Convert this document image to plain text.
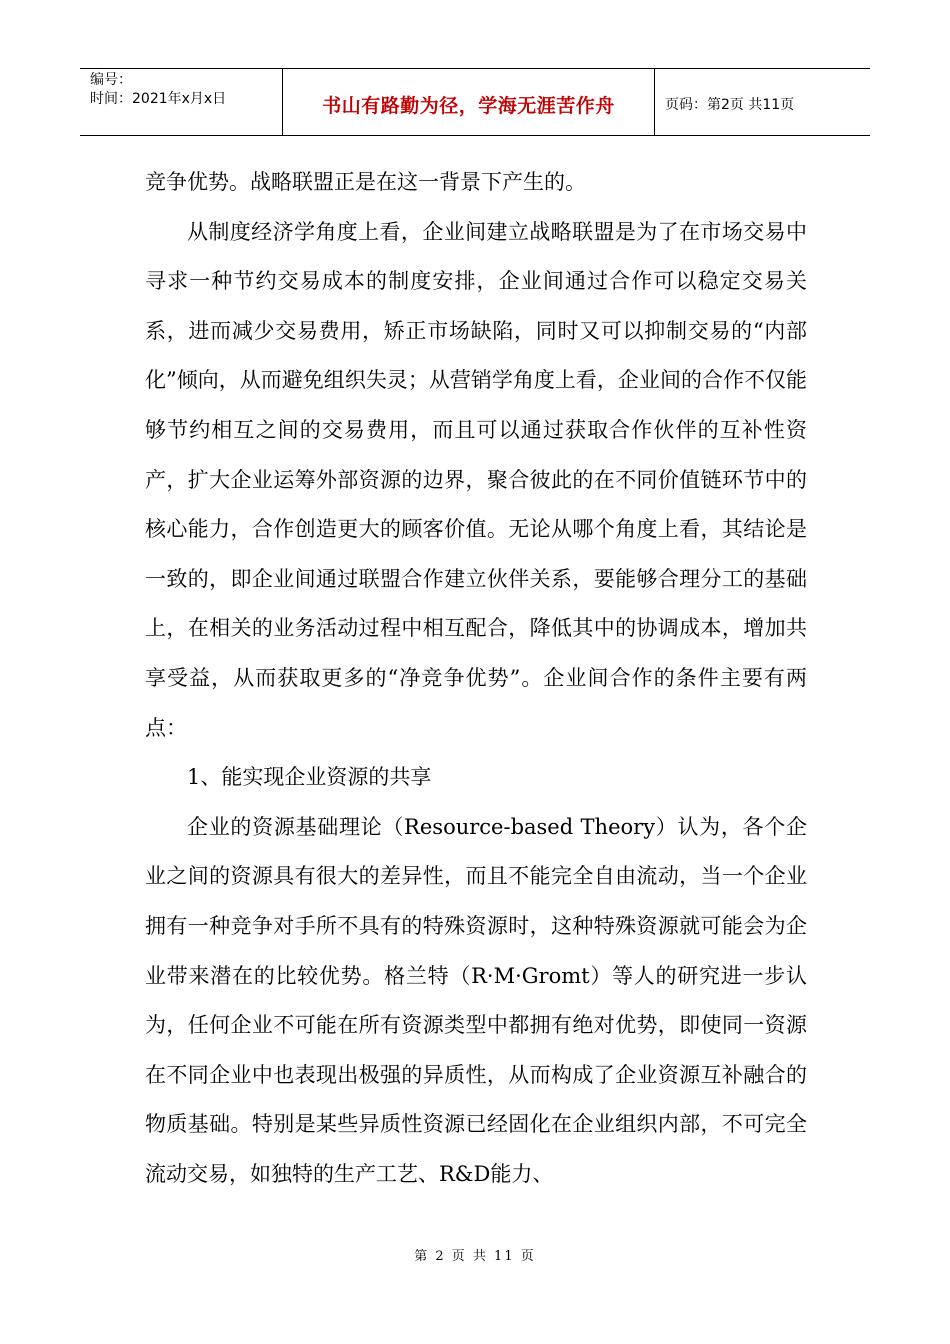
编号：
时间：2021年x月x日	书山有路勤为径，学海无涯苦作舟	页码：第2页 共11页

竞争优势。战略联盟正是在这一背景下产生的。

从制度经济学角度上看，企业间建立战略联盟是为了在市场交易中寻求一种节约交易成本的制度安排，企业间通过合作可以稳定交易关系，进而减少交易费用，矫正市场缺陷，同时又可以抑制交易的“内部化”倾向，从而避免组织失灵；从营销学角度上看，企业间的合作不仅能够节约相互之间的交易费用，而且可以通过获取合作伙伴的互补性资产，扩大企业运筹外部资源的边界，聚合彼此的在不同价值链环节中的核心能力，合作创造更大的顾客价值。无论从哪个角度上看，其结论是一致的，即企业间通过联盟合作建立伙伴关系，要能够合理分工的基础上，在相关的业务活动过程中相互配合，降低其中的协调成本，增加共享受益，从而获取更多的“净竞争优势”。企业间合作的条件主要有两点：

1、能实现企业资源的共享

企业的资源基础理论（Resource-based Theory）认为，各个企业之间的资源具有很大的差异性，而且不能完全自由流动，当一个企业拥有一种竞争对手所不具有的特殊资源时，这种特殊资源就可能会为企业带来潜在的比较优势。格兰特（R·M·Gromt）等人的研究进一步认为，任何企业不可能在所有资源类型中都拥有绝对优势，即使同一资源在不同企业中也表现出极强的异质性，从而构成了企业资源互补融合的物质基础。特别是某些异质性资源已经固化在企业组织内部，不可完全流动交易，如独特的生产工艺、R&D能力、

第 2 页 共 11 页
